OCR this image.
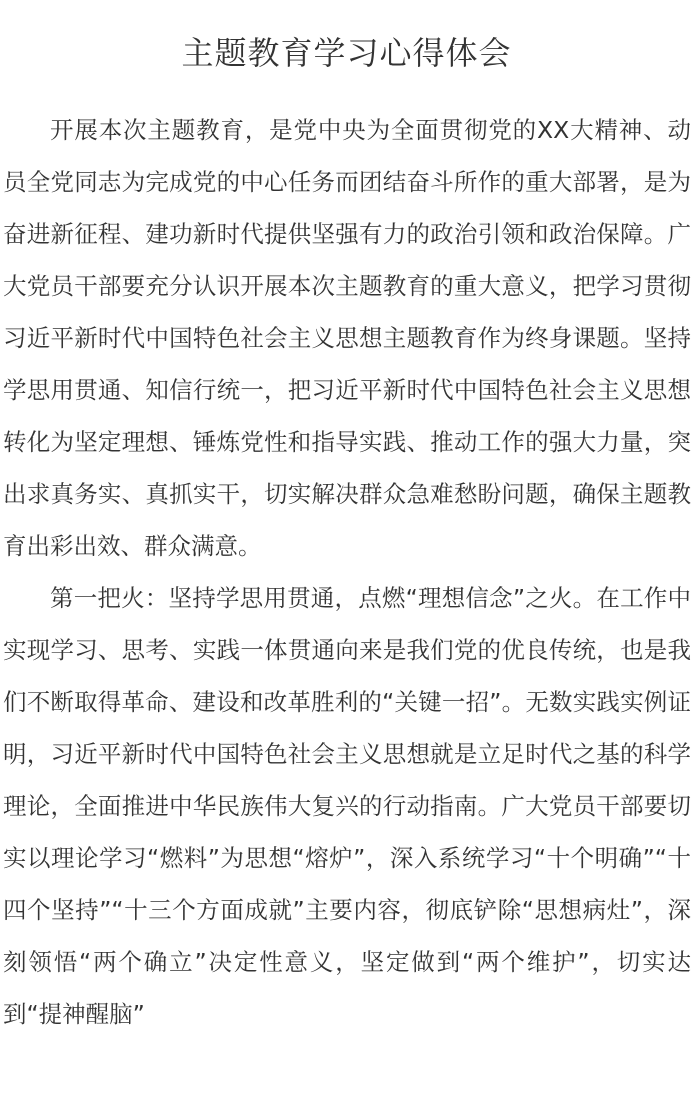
主题教育学习心得体会

开展本次主题教育，是党中央为全面贯彻党的XX大精神、动员全党同志为完成党的中心任务而团结奋斗所作的重大部署，是为奋进新征程、建功新时代提供坚强有力的政治引领和政治保障。广大党员干部要充分认识开展本次主题教育的重大意义，把学习贯彻习近平新时代中国特色社会主义思想主题教育作为终身课题。坚持学思用贯通、知信行统一，把习近平新时代中国特色社会主义思想转化为坚定理想、锤炼党性和指导实践、推动工作的强大力量，突出求真务实、真抓实干，切实解决群众急难愁盼问题，确保主题教育出彩出效、群众满意。

第一把火：坚持学思用贯通，点燃“理想信念”之火。在工作中实现学习、思考、实践一体贯通向来是我们党的优良传统，也是我们不断取得革命、建设和改革胜利的“关键一招”。无数实践实例证明，习近平新时代中国特色社会主义思想就是立足时代之基的科学理论，全面推进中华民族伟大复兴的行动指南。广大党员干部要切实以理论学习“燃料”为思想“熔炉”，深入系统学习“十个明确”“十四个坚持”“十三个方面成就”主要内容，彻底铲除“思想病灶”，深刻领悟“两个确立”决定性意义，坚定做到“两个维护”，切实达到“提神醒脑”
